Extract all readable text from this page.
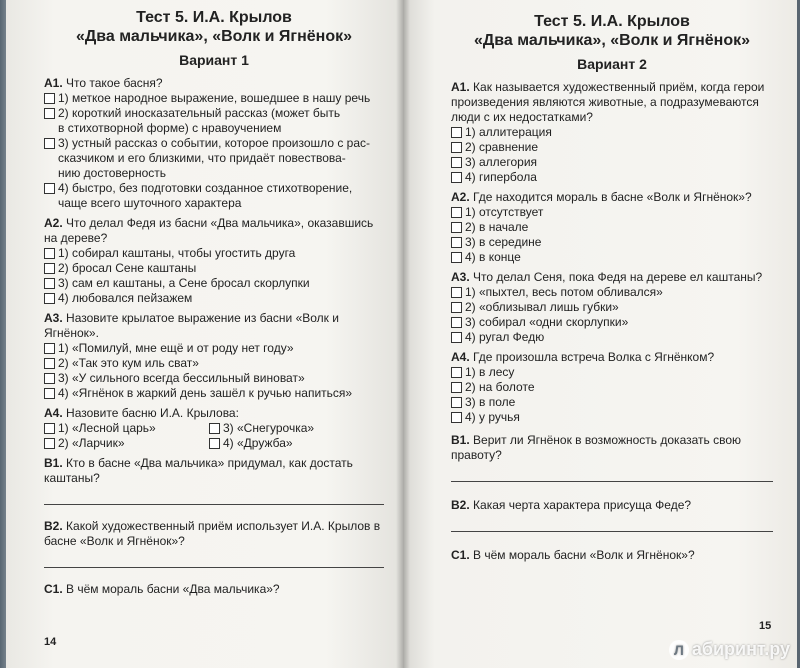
Тест 5. И.А. Крылов
«Два мальчика», «Волк и Ягнёнок»
Вариант 1
А1. Что такое басня?
1) меткое народное выражение, вошедшее в нашу речь
2) короткий иносказательный рассказ (может быть
в стихотворной форме) с нравоучением
3) устный рассказ о событии, которое произошло с рас-
сказчиком и его близкими, что придаёт повествова-
нию достоверность
4) быстро, без подготовки созданное стихотворение,
чаще всего шуточного характера
А2. Что делал Федя из басни «Два мальчика», оказавшись на дереве?
1) собирал каштаны, чтобы угостить друга
2) бросал Сене каштаны
3) сам ел каштаны, а Сене бросал скорлупки
4) любовался пейзажем
А3. Назовите крылатое выражение из басни «Волк и Ягнёнок».
1) «Помилуй, мне ещё и от роду нет году»
2) «Так это кум иль сват»
3) «У сильного всегда бессильный виноват»
4) «Ягнёнок в жаркий день зашёл к ручью напиться»
А4. Назовите басню И.А. Крылова:
1) «Лесной царь»	3) «Снегурочка»
2) «Ларчик»	4) «Дружба»
В1. Кто в басне «Два мальчика» придумал, как достать каштаны?
В2. Какой художественный приём использует И.А. Крылов в басне «Волк и Ягнёнок»?
С1. В чём мораль басни «Два мальчика»?
14
Тест 5. И.А. Крылов
«Два мальчика», «Волк и Ягнёнок»
Вариант 2
А1. Как называется художественный приём, когда герои произведения являются животные, а подразумеваются люди с их недостатками?
1) аллитерация
2) сравнение
3) аллегория
4) гипербола
А2. Где находится мораль в басне «Волк и Ягнёнок»?
1) отсутствует
2) в начале
3) в середине
4) в конце
А3. Что делал Сеня, пока Федя на дереве ел каштаны?
1) «пыхтел, весь потом обливался»
2) «облизывал лишь губки»
3) собирал «одни скорлупки»
4) ругал Федю
А4. Где произошла встреча Волка с Ягнёнком?
1) в лесу
2) на болоте
3) в поле
4) у ручья
В1. Верит ли Ягнёнок в возможность доказать свою правоту?
В2. Какая черта характера присуща Феде?
С1. В чём мораль басни «Волк и Ягнёнок»?
15
Л абиринт.ру
